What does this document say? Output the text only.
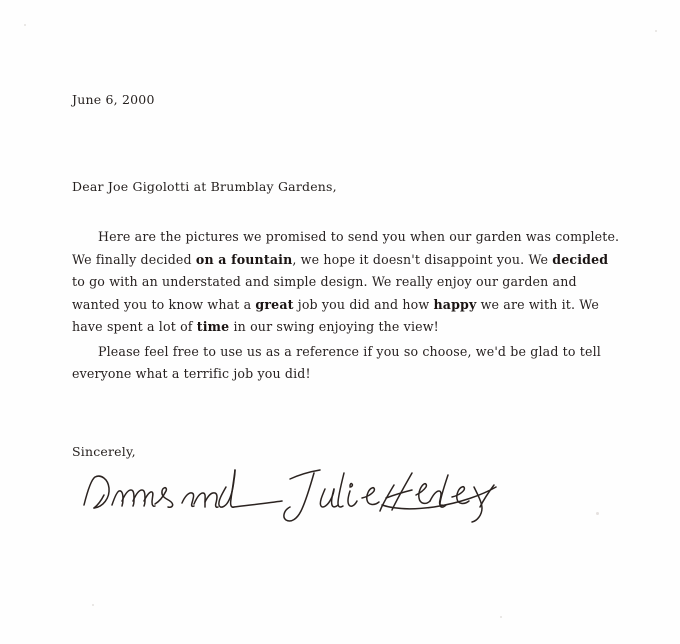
June 6, 2000
Dear Joe Gigolotti at Brumblay Gardens,

Here are the pictures we promised to send you when our garden was complete. We finally decided on a fountain, we hope it doesn't disappoint you. We decided to go with an understated and simple design. We really enjoy our garden and wanted you to know what a great job you did and how happy we are with it. We have spent a lot of time in our swing enjoying the view!

Please feel free to use us as a reference if you so choose, we'd be glad to tell everyone what a terrific job you did!

Sincerely,
